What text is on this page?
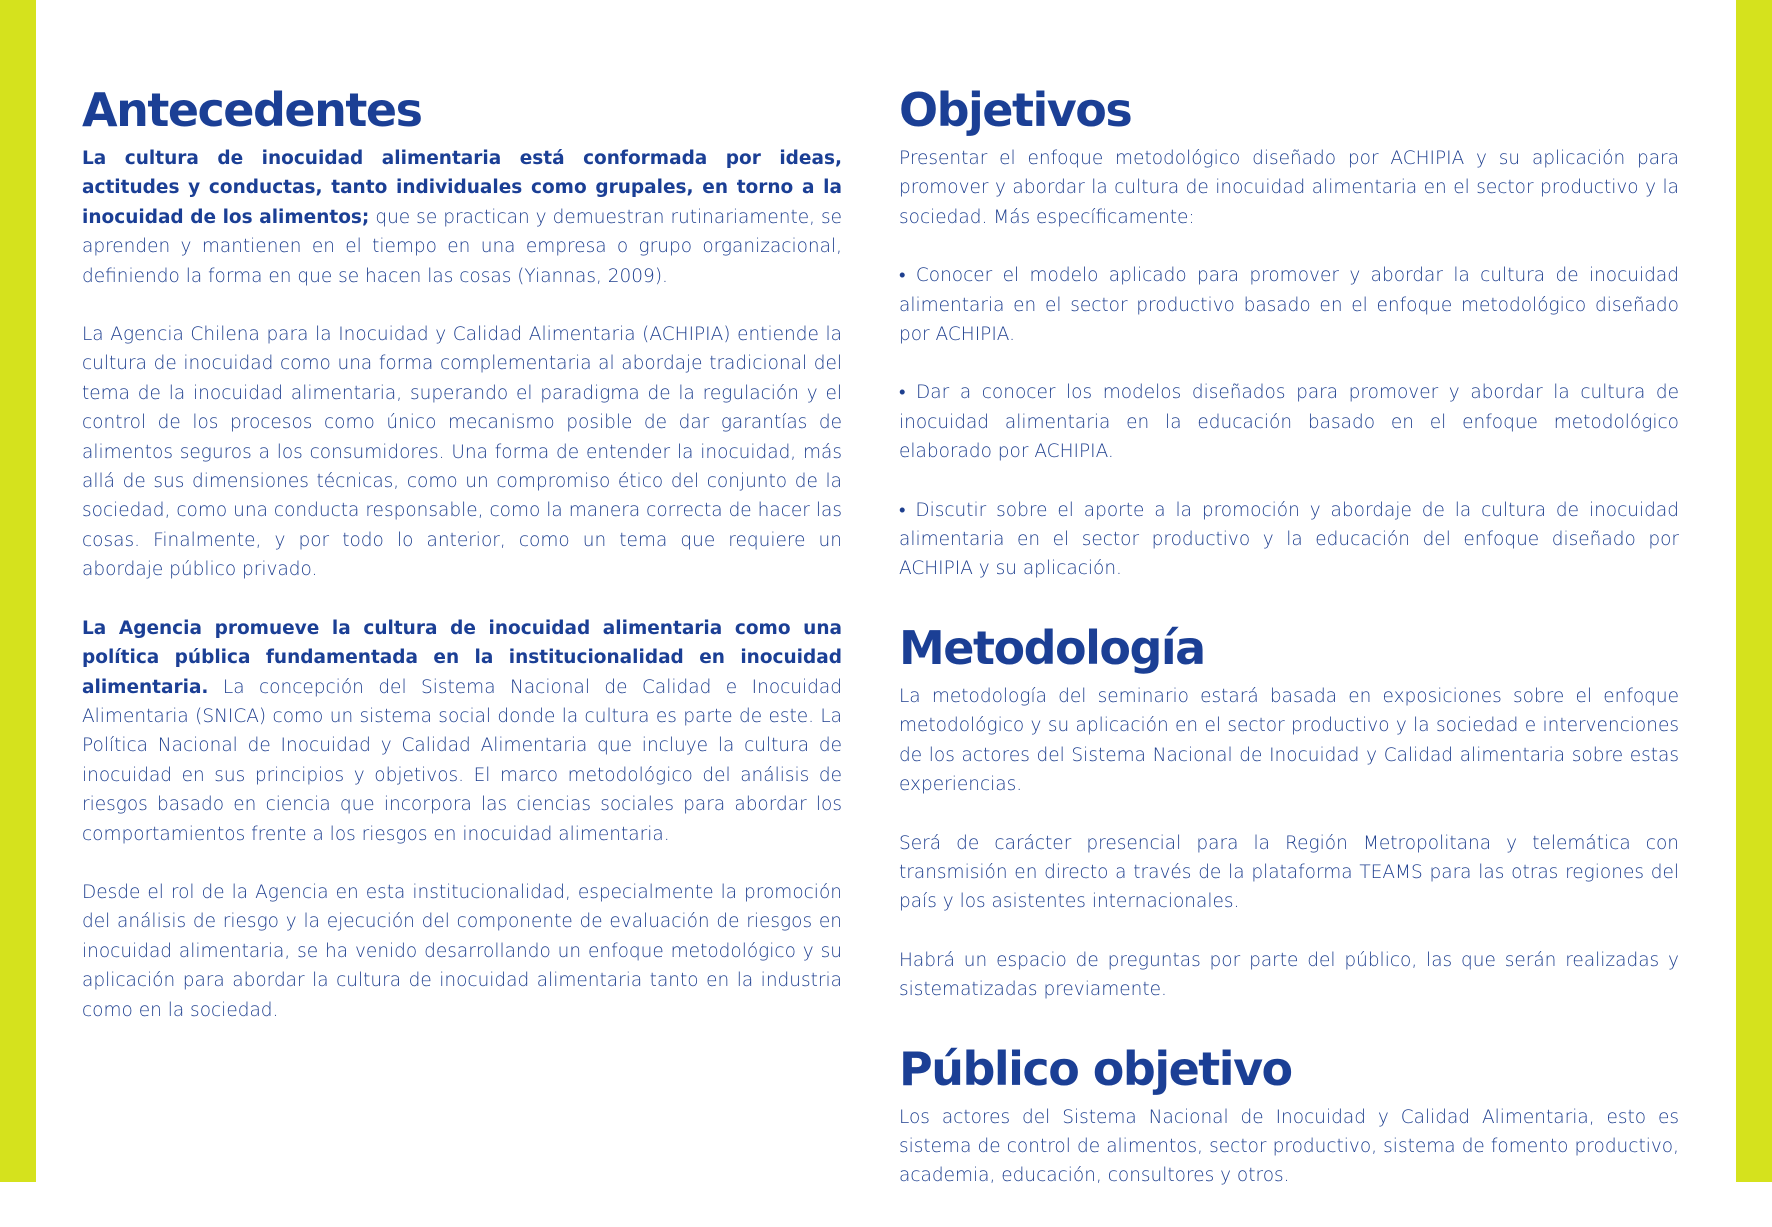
Antecedentes

La cultura de inocuidad alimentaria está conformada por ideas, actitudes y conductas, tanto individuales como grupales, en torno a la inocuidad de los alimentos; que se practican y demuestran rutinariamente, se aprenden y mantienen en el tiempo en una empresa o grupo organizacional, definiendo la forma en que se hacen las cosas (Yiannas, 2009).

La Agencia Chilena para la Inocuidad y Calidad Alimentaria (ACHIPIA) entiende la cultura de inocuidad como una forma complementaria al abordaje tradicional del tema de la inocuidad alimentaria, superando el paradigma de la regulación y el control de los procesos como único mecanismo posible de dar garantías de alimentos seguros a los consumidores. Una forma de entender la inocuidad, más allá de sus dimensiones técnicas, como un compromiso ético del conjunto de la sociedad, como una conducta responsable, como la manera correcta de hacer las cosas. Finalmente, y por todo lo anterior, como un tema que requiere un abordaje público privado.

La Agencia promueve la cultura de inocuidad alimentaria como una política pública fundamentada en la institucionalidad en inocuidad alimentaria. La concepción del Sistema Nacional de Calidad e Inocuidad Alimentaria (SNICA) como un sistema social donde la cultura es parte de este. La Política Nacional de Inocuidad y Calidad Alimentaria que incluye la cultura de inocuidad en sus principios y objetivos. El marco metodológico del análisis de riesgos basado en ciencia que incorpora las ciencias sociales para abordar los comportamientos frente a los riesgos en inocuidad alimentaria.

Desde el rol de la Agencia en esta institucionalidad, especialmente la promoción del análisis de riesgo y la ejecución del componente de evaluación de riesgos en inocuidad alimentaria, se ha venido desarrollando un enfoque metodológico y su aplicación para abordar la cultura de inocuidad alimentaria tanto en la industria como en la sociedad.

Objetivos

Presentar el enfoque metodológico diseñado por ACHIPIA y su aplicación para promover y abordar la cultura de inocuidad alimentaria en el sector productivo y la sociedad. Más específicamente:

• Conocer el modelo aplicado para promover y abordar la cultura de inocuidad alimentaria en el sector productivo basado en el enfoque metodológico diseñado por ACHIPIA.

• Dar a conocer los modelos diseñados para promover y abordar la cultura de inocuidad alimentaria en la educación basado en el enfoque metodológico elaborado por ACHIPIA.

• Discutir sobre el aporte a la promoción y abordaje de la cultura de inocuidad alimentaria en el sector productivo y la educación del enfoque diseñado por ACHIPIA y su aplicación.

Metodología

La metodología del seminario estará basada en exposiciones sobre el enfoque metodológico y su aplicación en el sector productivo y la sociedad e intervenciones de los actores del Sistema Nacional de Inocuidad y Calidad alimentaria sobre estas experiencias.

Será de carácter presencial para la Región Metropolitana y telemática con transmisión en directo a través de la plataforma TEAMS para las otras regiones del país y los asistentes internacionales.

Habrá un espacio de preguntas por parte del público, las que serán realizadas y sistematizadas previamente.

Público objetivo

Los actores del Sistema Nacional de Inocuidad y Calidad Alimentaria, esto es sistema de control de alimentos, sector productivo, sistema de fomento productivo, academia, educación, consultores y otros.
